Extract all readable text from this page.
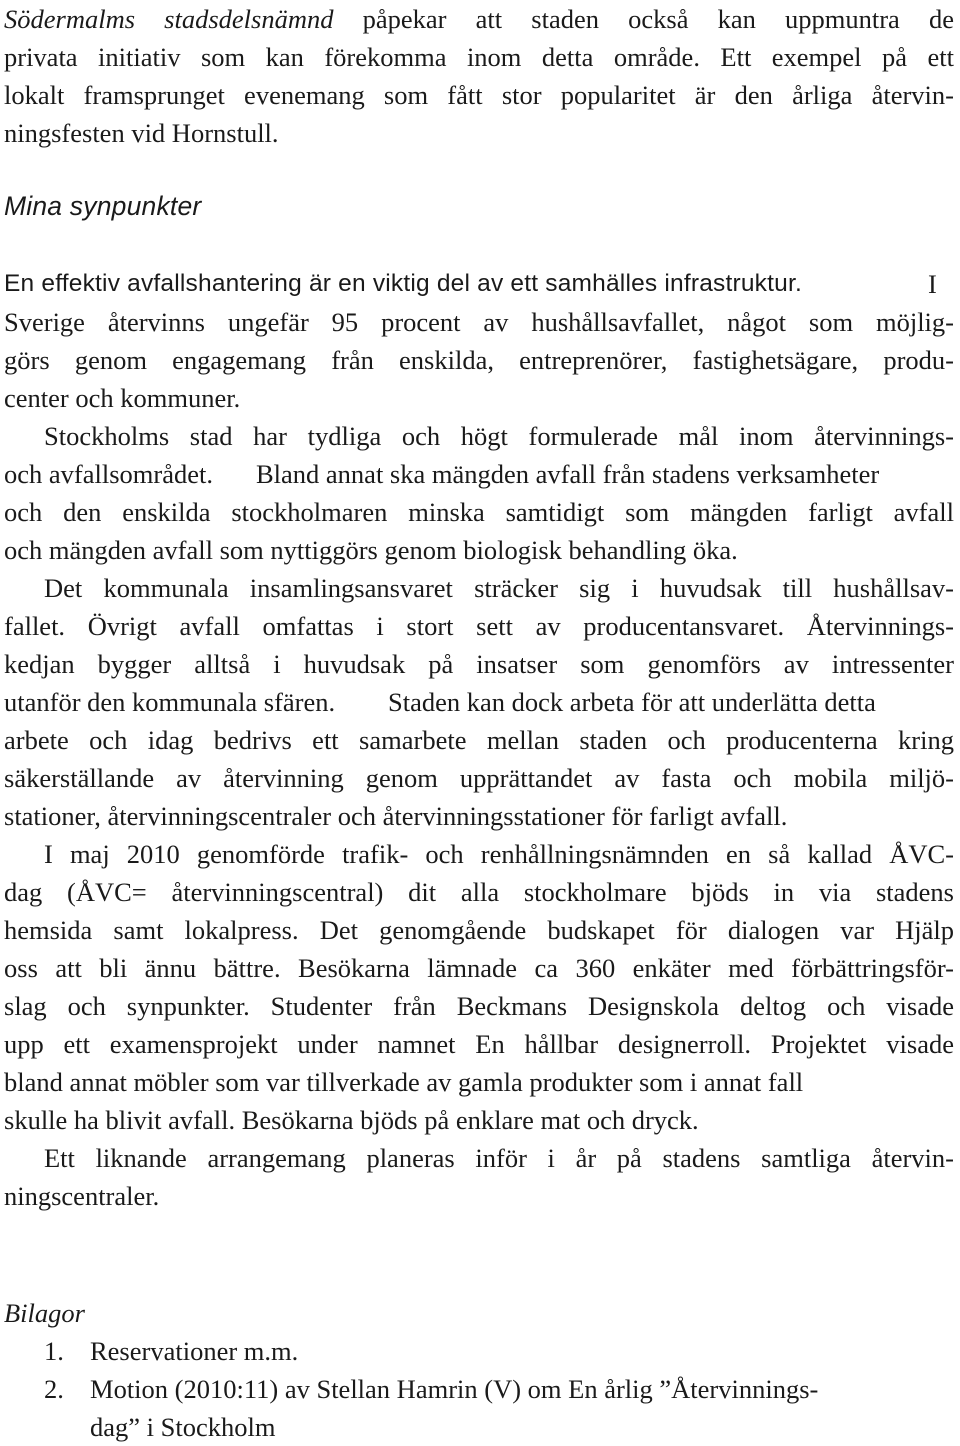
Södermalms stadsdelsnämnd påpekar att staden också kan uppmuntra de
privata initiativ som kan förekomma inom detta område. Ett exempel på ett
lokalt framsprunget evenemang som fått stor popularitet är den årliga återvin-
ningsfesten vid Hornstull.
Mina synpunkter
En effektiv avfallshantering är en viktig del av ett samhälles infrastruktur.	I
Sverige återvinns ungefär 95 procent av hushållsavfallet, något som möjlig-
görs genom engagemang från enskilda, entreprenörer, fastighetsägare, produ-
center och kommuner.
Stockholms stad har tydliga och högt formulerade mål inom återvinnings-
och avfallsområdet. Bland annat ska mängden avfall från stadens verksamheter
och den enskilda stockholmaren minska samtidigt som mängden farligt avfall
och mängden avfall som nyttiggörs genom biologisk behandling öka.
Det kommunala insamlingsansvaret sträcker sig i huvudsak till hushållsav-
fallet. Övrigt avfall omfattas i stort sett av producentansvaret. Återvinnings-
kedjan bygger alltså i huvudsak på insatser som genomförs av intressenter
utanför den kommunala sfären. Staden kan dock arbeta för att underlätta detta
arbete och idag bedrivs ett samarbete mellan staden och producenterna kring
säkerställande av återvinning genom upprättandet av fasta och mobila miljö-
stationer, återvinningscentraler och återvinningsstationer för farligt avfall.
I maj 2010 genomförde trafik- och renhållningsnämnden en så kallad ÅVC-
dag (ÅVC= återvinningscentral) dit alla stockholmare bjöds in via stadens
hemsida samt lokalpress. Det genomgående budskapet för dialogen var Hjälp
oss att bli ännu bättre. Besökarna lämnade ca 360 enkäter med förbättringsför-
slag och synpunkter. Studenter från Beckmans Designskola deltog och visade
upp ett examensprojekt under namnet En hållbar designerroll. Projektet visade
bland annat möbler som var tillverkade av gamla produkter som i annat fall
skulle ha blivit avfall. Besökarna bjöds på enklare mat och dryck.
Ett liknande arrangemang planeras inför i år på stadens samtliga återvin-
ningscentraler.
Bilagor
1. Reservationer m.m.
2. Motion (2010:11) av Stellan Hamrin (V) om En årlig ”Återvinnings-
dag” i Stockholm
